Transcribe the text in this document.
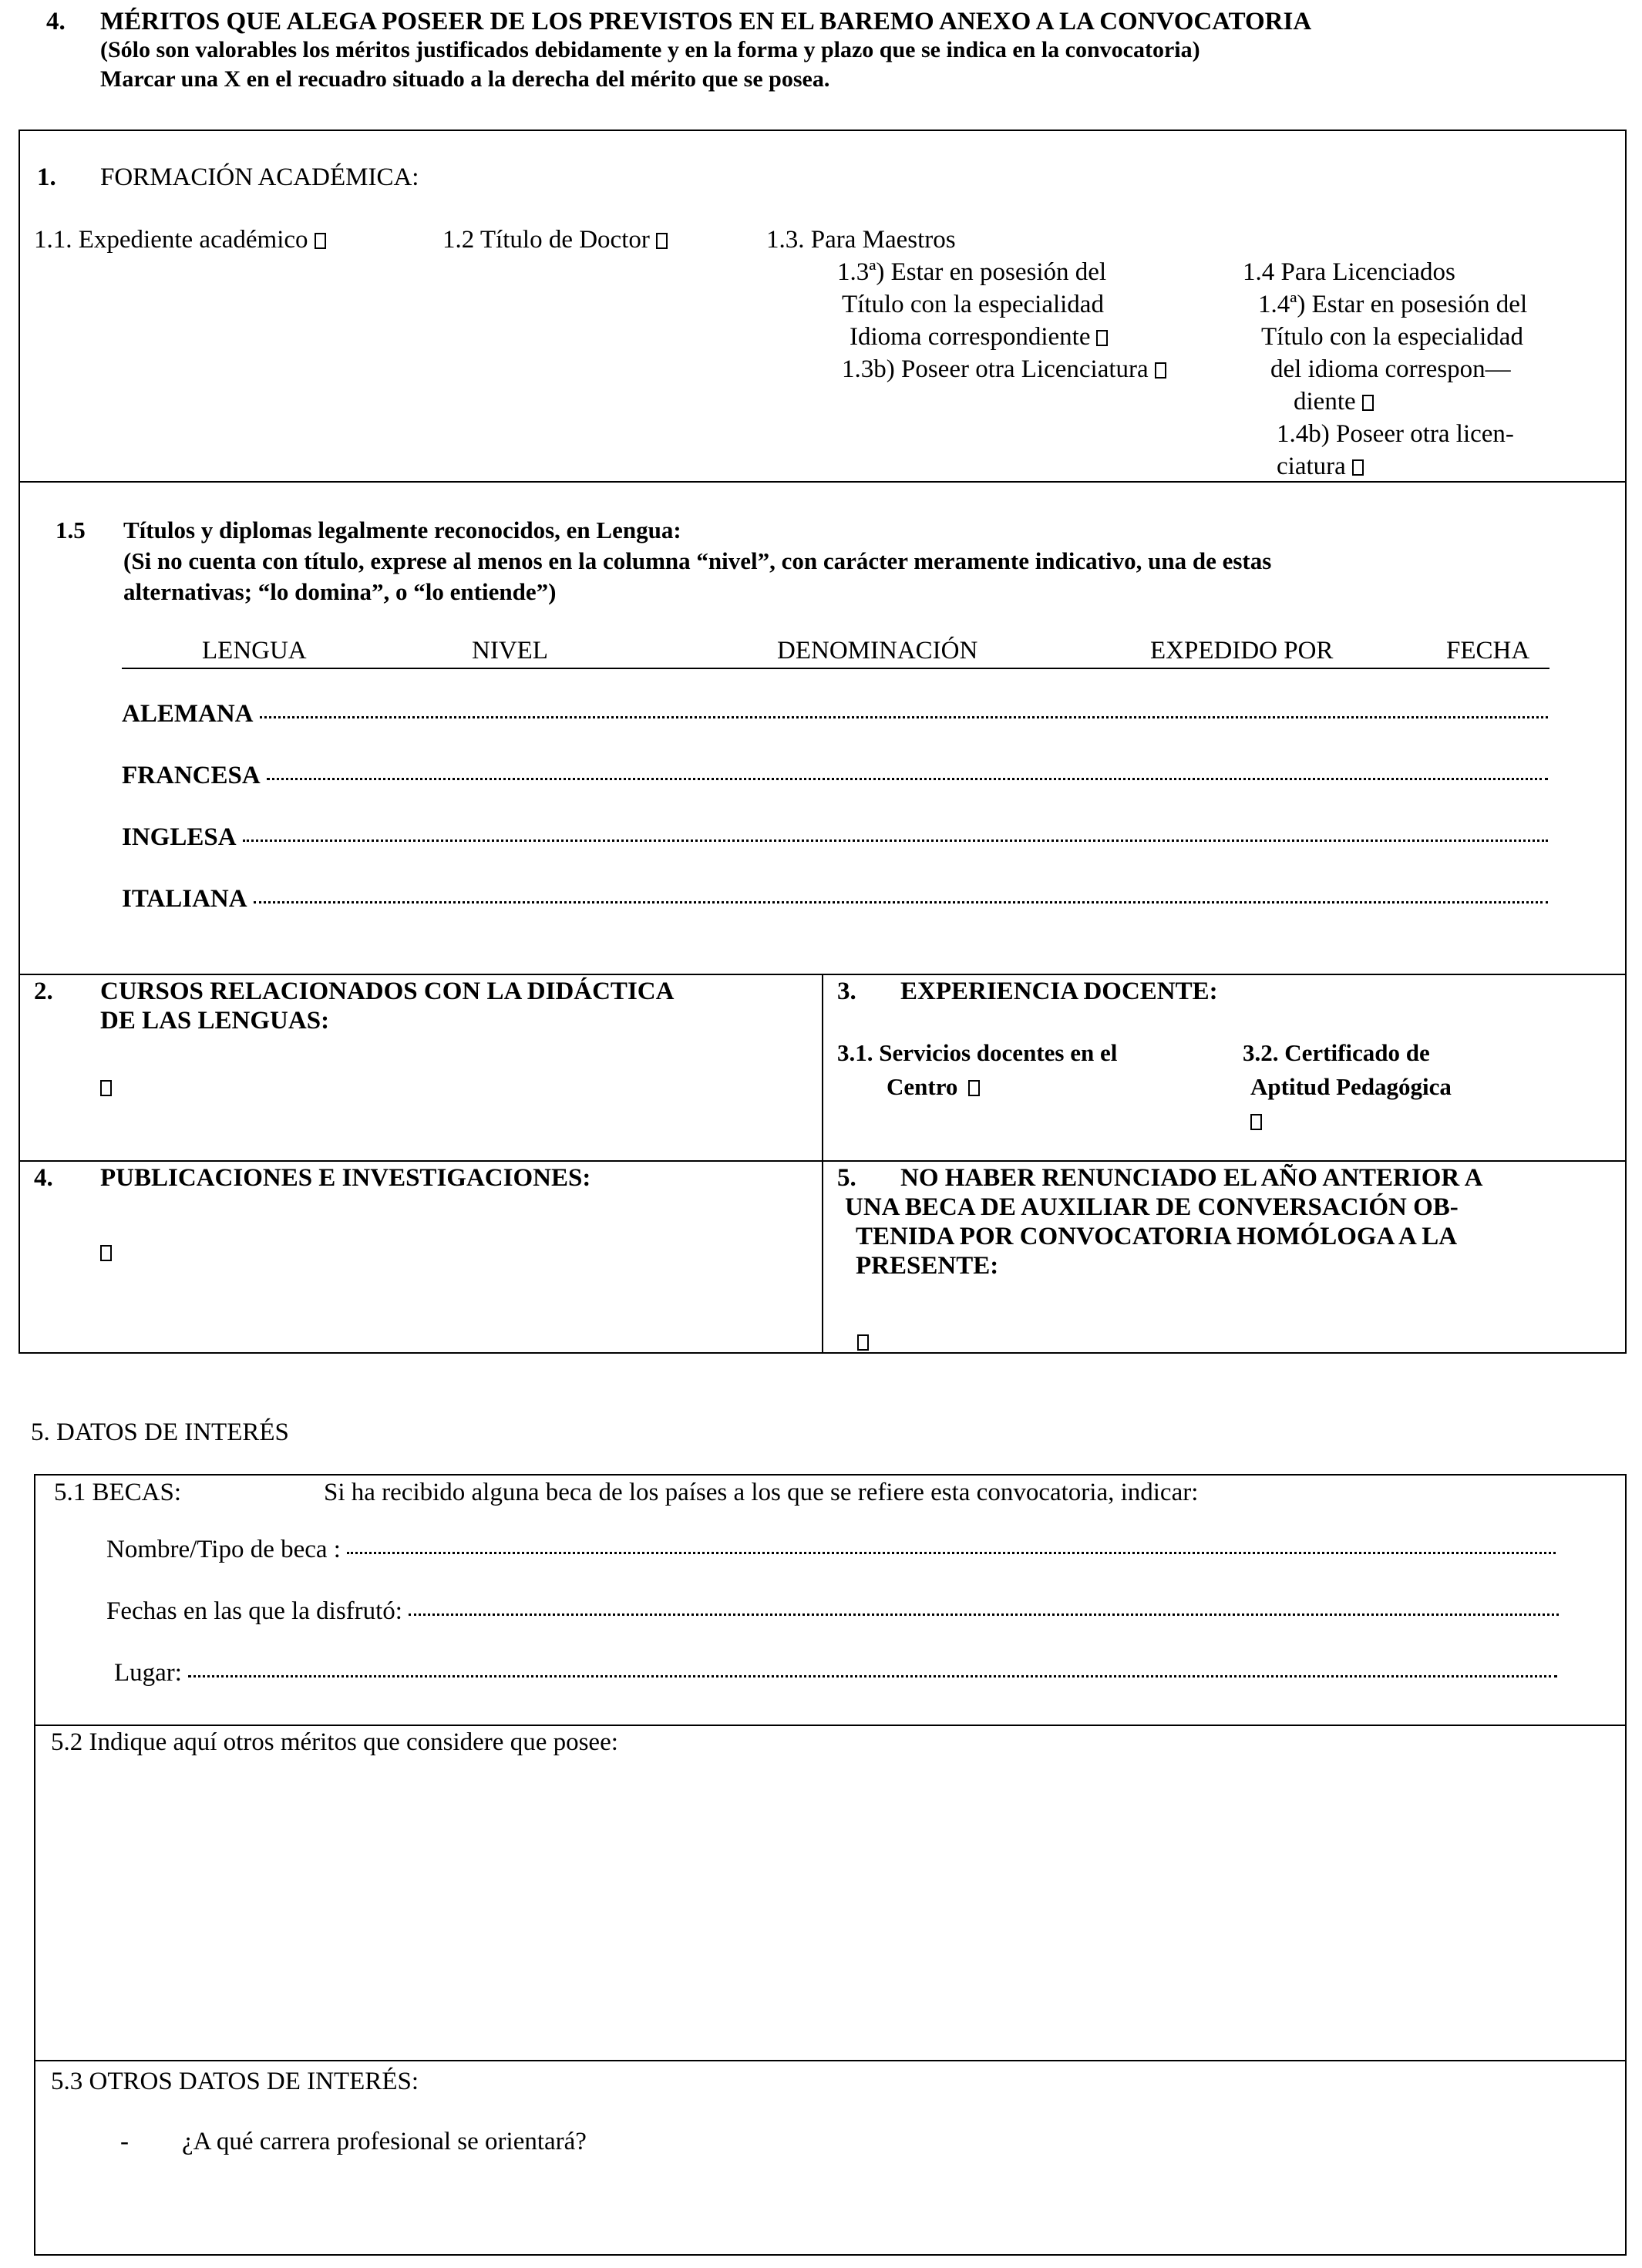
4. MÉRITOS QUE ALEGA POSEER DE LOS PREVISTOS EN EL BAREMO ANEXO A LA CONVOCATORIA
(Sólo son valorables los méritos justificados debidamente y en la forma y plazo que se indica en la convocatoria)
Marcar una X en el recuadro situado a la derecha del mérito que se posea.
1. FORMACIÓN ACADÉMICA:
1.1. Expediente académico	1.2 Título de Doctor	1.3. Para Maestros
1.3ª) Estar en posesión del
Título con la especialidad
Idioma correspondiente
1.3b) Poseer otra Licenciatura
1.4 Para Licenciados
1.4ª) Estar en posesión del
Título con la especialidad
del idioma correspon—
diente
1.4b) Poseer otra licen-
ciatura
1.5 Títulos y diplomas legalmente reconocidos, en Lengua:
(Si no cuenta con título, exprese al menos en la columna “nivel”, con carácter meramente indicativo, una de estas
alternativas; “lo domina”, o “lo entiende”)
LENGUA	NIVEL	DENOMINACIÓN	EXPEDIDO POR	FECHA
ALEMANA
FRANCESA
INGLESA
ITALIANA
2. CURSOS RELACIONADOS CON LA DIDÁCTICA
DE LAS LENGUAS:
3. EXPERIENCIA DOCENTE:
3.1. Servicios docentes en el
Centro
3.2. Certificado de
Aptitud Pedagógica
4. PUBLICACIONES E INVESTIGACIONES:	5. NO HABER RENUNCIADO EL AÑO ANTERIOR A
UNA BECA DE AUXILIAR DE CONVERSACIÓN OB-
TENIDA POR CONVOCATORIA HOMÓLOGA A LA
PRESENTE:
5. DATOS DE INTERÉS
5.1 BECAS:	Si ha recibido alguna beca de los países a los que se refiere esta convocatoria, indicar:
Nombre/Tipo de beca :
Fechas en las que la disfrutó:
Lugar:
5.2 Indique aquí otros méritos que considere que posee:
5.3 OTROS DATOS DE INTERÉS:
- ¿A qué carrera profesional se orientará?
